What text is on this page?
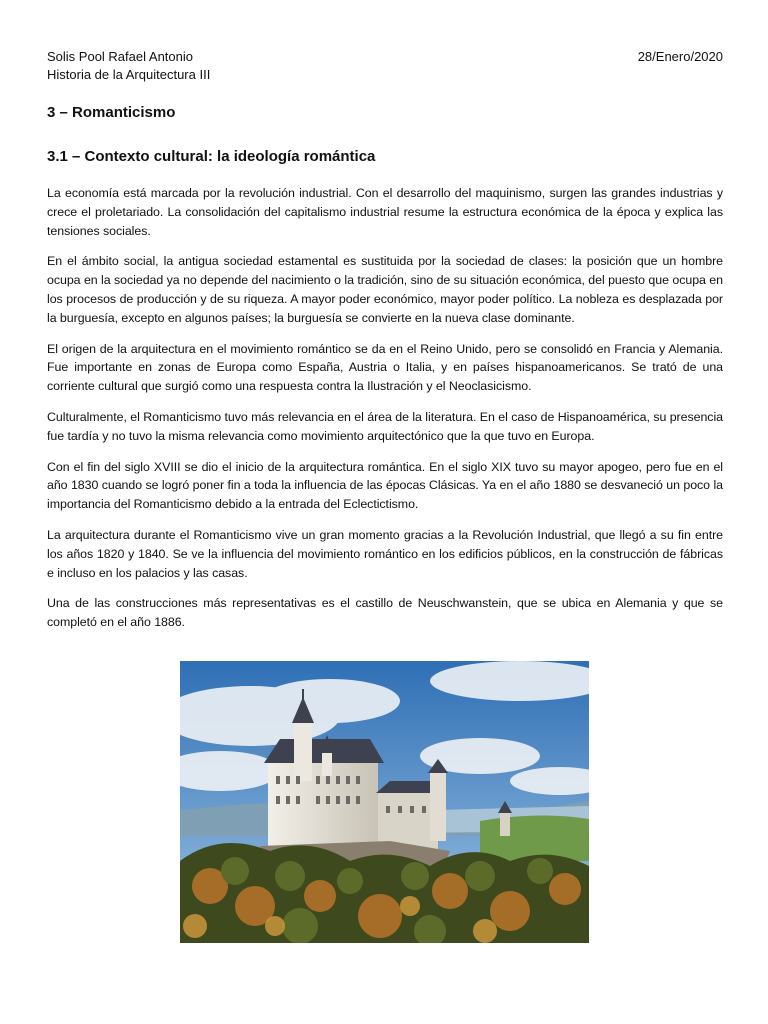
Solis Pool Rafael Antonio
Historia de la Arquitectura III
28/Enero/2020
3 – Romanticismo
3.1 – Contexto cultural: la ideología romántica

La economía está marcada por la revolución industrial. Con el desarrollo del maquinismo, surgen las grandes industrias y crece el proletariado. La consolidación del capitalismo industrial resume la estructura económica de la época y explica las tensiones sociales.

En el ámbito social, la antigua sociedad estamental es sustituida por la sociedad de clases: la posición que un hombre ocupa en la sociedad ya no depende del nacimiento o la tradición, sino de su situación económica, del puesto que ocupa en los procesos de producción y de su riqueza. A mayor poder económico, mayor poder político. La nobleza es desplazada por la burguesía, excepto en algunos países; la burguesía se convierte en la nueva clase dominante.

El origen de la arquitectura en el movimiento romántico se da en el Reino Unido, pero se consolidó en Francia y Alemania. Fue importante en zonas de Europa como España, Austria o Italia, y en países hispanoamericanos. Se trató de una corriente cultural que surgió como una respuesta contra la Ilustración y el Neoclasicismo.

Culturalmente, el Romanticismo tuvo más relevancia en el área de la literatura. En el caso de Hispanoamérica, su presencia fue tardía y no tuvo la misma relevancia como movimiento arquitectónico que la que tuvo en Europa.

Con el fin del siglo XVIII se dio el inicio de la arquitectura romántica. En el siglo XIX tuvo su mayor apogeo, pero fue en el año 1830 cuando se logró poner fin a toda la influencia de las épocas Clásicas. Ya en el año 1880 se desvaneció un poco la importancia del Romanticismo debido a la entrada del Eclectictismo.

La arquitectura durante el Romanticismo vive un gran momento gracias a la Revolución Industrial, que llegó a su fin entre los años 1820 y 1840. Se ve la influencia del movimiento romántico en los edificios públicos, en la construcción de fábricas e incluso en los palacios y las casas.

Una de las construcciones más representativas es el castillo de Neuschwanstein, que se ubica en Alemania y que se completó en el año 1886.
